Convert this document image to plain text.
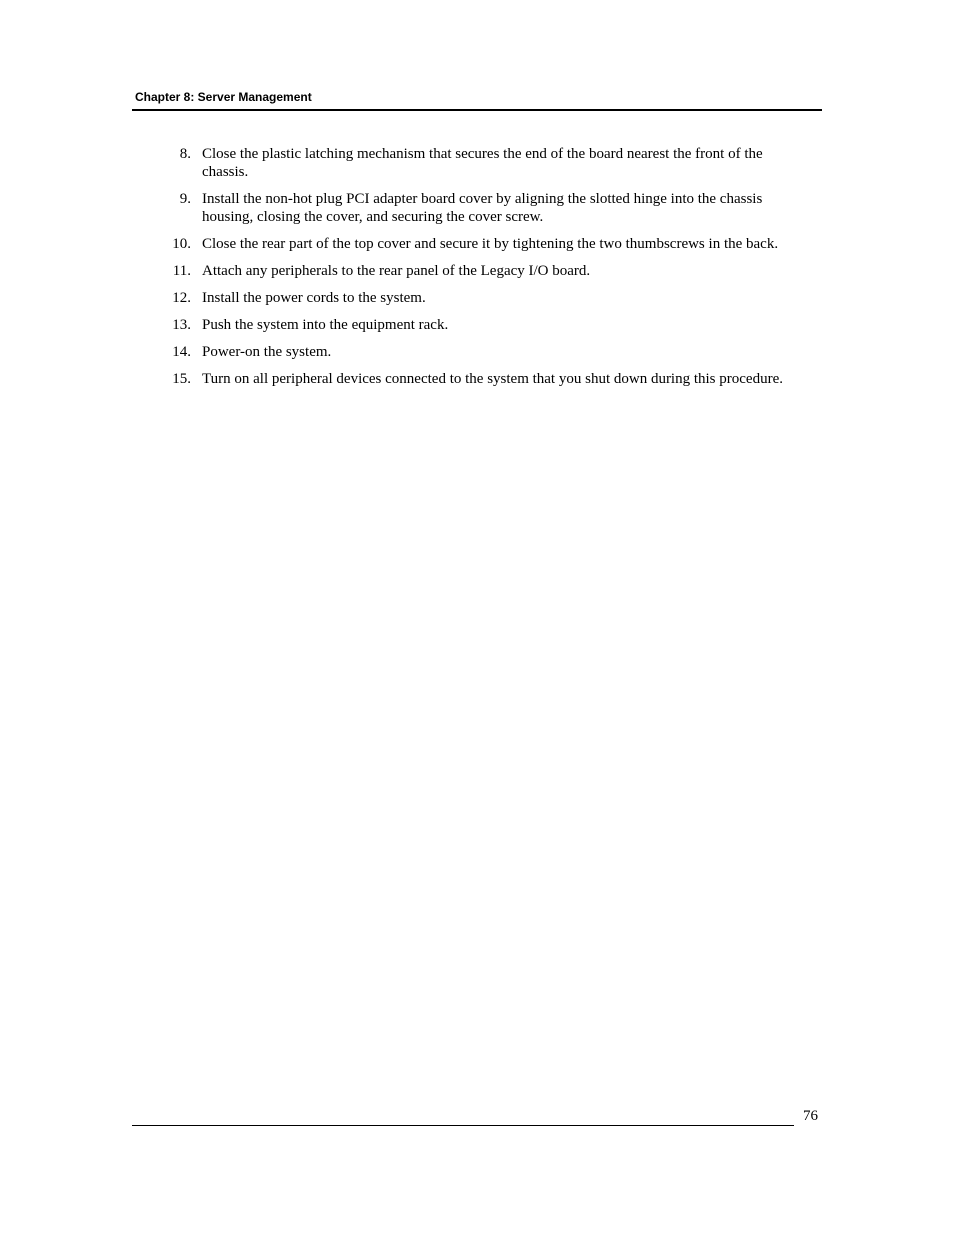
Chapter 8: Server Management
8. Close the plastic latching mechanism that secures the end of the board nearest the front of the chassis.
9. Install the non-hot plug PCI adapter board cover by aligning the slotted hinge into the chassis housing, closing the cover, and securing the cover screw.
10. Close the rear part of the top cover and secure it by tightening the two thumbscrews in the back.
11. Attach any peripherals to the rear panel of the Legacy I/O board.
12. Install the power cords to the system.
13. Push the system into the equipment rack.
14. Power-on the system.
15. Turn on all peripheral devices connected to the system that you shut down during this procedure.
76
